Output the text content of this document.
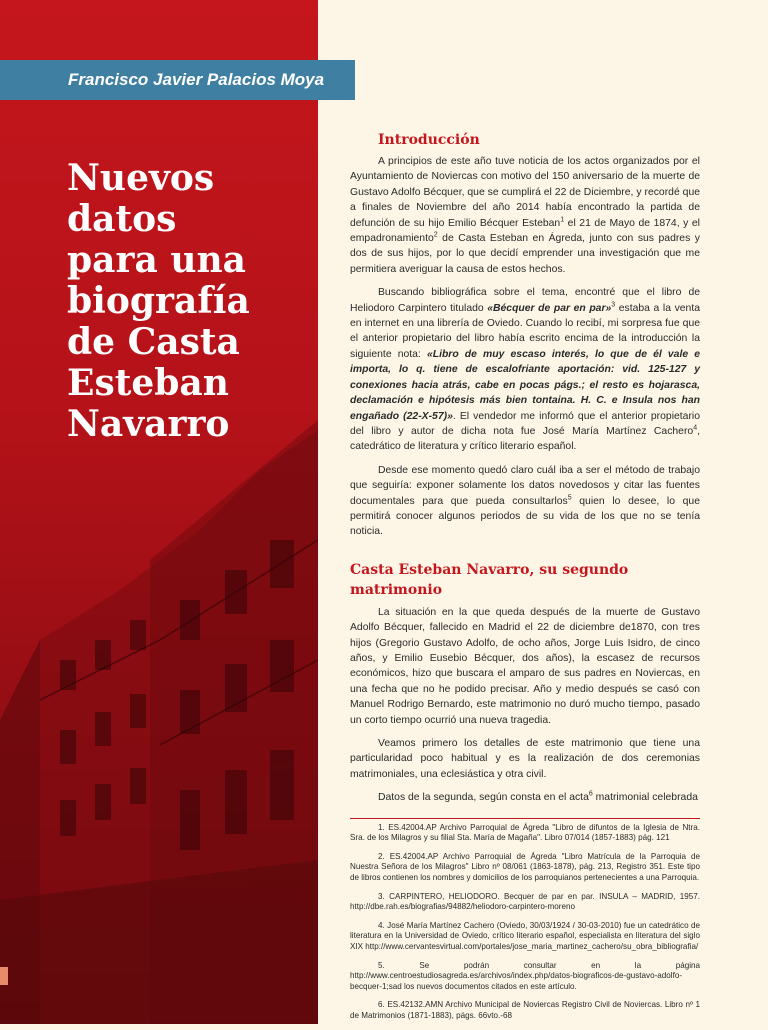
Francisco Javier Palacios Moya
Nuevos
datos
para una
biografía
de Casta
Esteban
Navarro
Introducción

A principios de este año tuve noticia de los actos organizados por el Ayuntamiento de Noviercas con motivo del 150 aniversario de la muerte de Gustavo Adolfo Bécquer, que se cumplirá el 22 de Diciembre, y recordé que a finales de Noviembre del año 2014 había encontrado la partida de defunción de su hijo Emilio Bécquer Esteban$^1$ el 21 de Mayo de 1874, y el empadronamiento$^2$ de Casta Esteban en Ágreda, junto con sus padres y dos de sus hijos, por lo que decidí emprender una investigación que me permitiera averiguar la causa de estos hechos.

Buscando bibliográfica sobre el tema, encontré que el libro de Heliodoro Carpintero titulado «Bécquer de par en par»$^3$ estaba a la venta en internet en una librería de Oviedo. Cuando lo recibí, mi sorpresa fue que el anterior propietario del libro había escrito encima de la introducción la siguiente nota: «Libro de muy escaso interés, lo que de él vale e importa, lo q. tiene de escalofriante aportación: vid. 125-127 y conexiones hacia atrás, cabe en pocas págs.; el resto es hojarasca, declamación e hipótesis más bien tontaina. H. C. e Insula nos han engañado (22-X-57)». El vendedor me informó que el anterior propietario del libro y autor de dicha nota fue José María Martínez Cachero$^4$, catedrático de literatura y crítico literario español.

Desde ese momento quedó claro cuál iba a ser el método de trabajo que seguiría: exponer solamente los datos novedosos y citar las fuentes documentales para que pueda consultarlos$^5$ quien lo desee, lo que permitirá conocer algunos periodos de su vida de los que no se tenía noticia.

Casta Esteban Navarro, su segundo matrimonio

La situación en la que queda después de la muerte de Gustavo Adolfo Bécquer, fallecido en Madrid el 22 de diciembre de1870, con tres hijos (Gregorio Gustavo Adolfo, de ocho años, Jorge Luis Isidro, de cinco años, y Emilio Eusebio Bécquer, dos años), la escasez de recursos económicos, hizo que buscara el amparo de sus padres en Noviercas, en una fecha que no he podido precisar. Año y medio después se casó con Manuel Rodrigo Bernardo, este matrimonio no duró mucho tiempo, pasado un corto tiempo ocurrió una nueva tragedia.

Veamos primero los detalles de este matrimonio que tiene una particularidad poco habitual y es la realización de dos ceremonias matrimoniales, una eclesiástica y otra civil.

Datos de la segunda, según consta en el acta$^6$ matrimonial celebrada

1. ES.42004.AP Archivo Parroquial de Ágreda "Libro de difuntos de la Iglesia de Ntra. Sra. de los Milagros y su filial Sta. María de Magaña". Libro 07/014 (1857-1883) pág. 121

2. ES.42004.AP Archivo Parroquial de Ágreda "Libro Matrícula de la Parroquia de Nuestra Señora de los Milagros" Libro nº 08/061 (1863-1878), pág. 213, Registro 351. Este tipo de libros contienen los nombres y domicilios de los parroquianos pertenecientes a una Parroquia.

3. CARPINTERO, HELIODORO. Becquer de par en par. INSULA – MADRID, 1957. http://dbe.rah.es/biografias/94882/heliodoro-carpintero-moreno

4. José María Martínez Cachero (Oviedo, 30/03/1924 / 30-03-2010) fue un catedrático de literatura en la Universidad de Oviedo, crítico literario español, especialista en literatura del siglo XIX http://www.cervantesvirtual.com/portales/jose_maria_martinez_cachero/su_obra_bibliografia/

5. Se podrán consultar en la página http://www.centroestudiosagreda.es/archivos/index.php/datos-biograficos-de-gustavo-adolfo-becquer-1;sad los nuevos documentos citados en este artículo.

6. ES.42132.AMN Archivo Municipal de Noviercas Registro Civil de Noviercas. Libro nº 1 de Matrimonios (1871-1883), págs. 66vto.-68
